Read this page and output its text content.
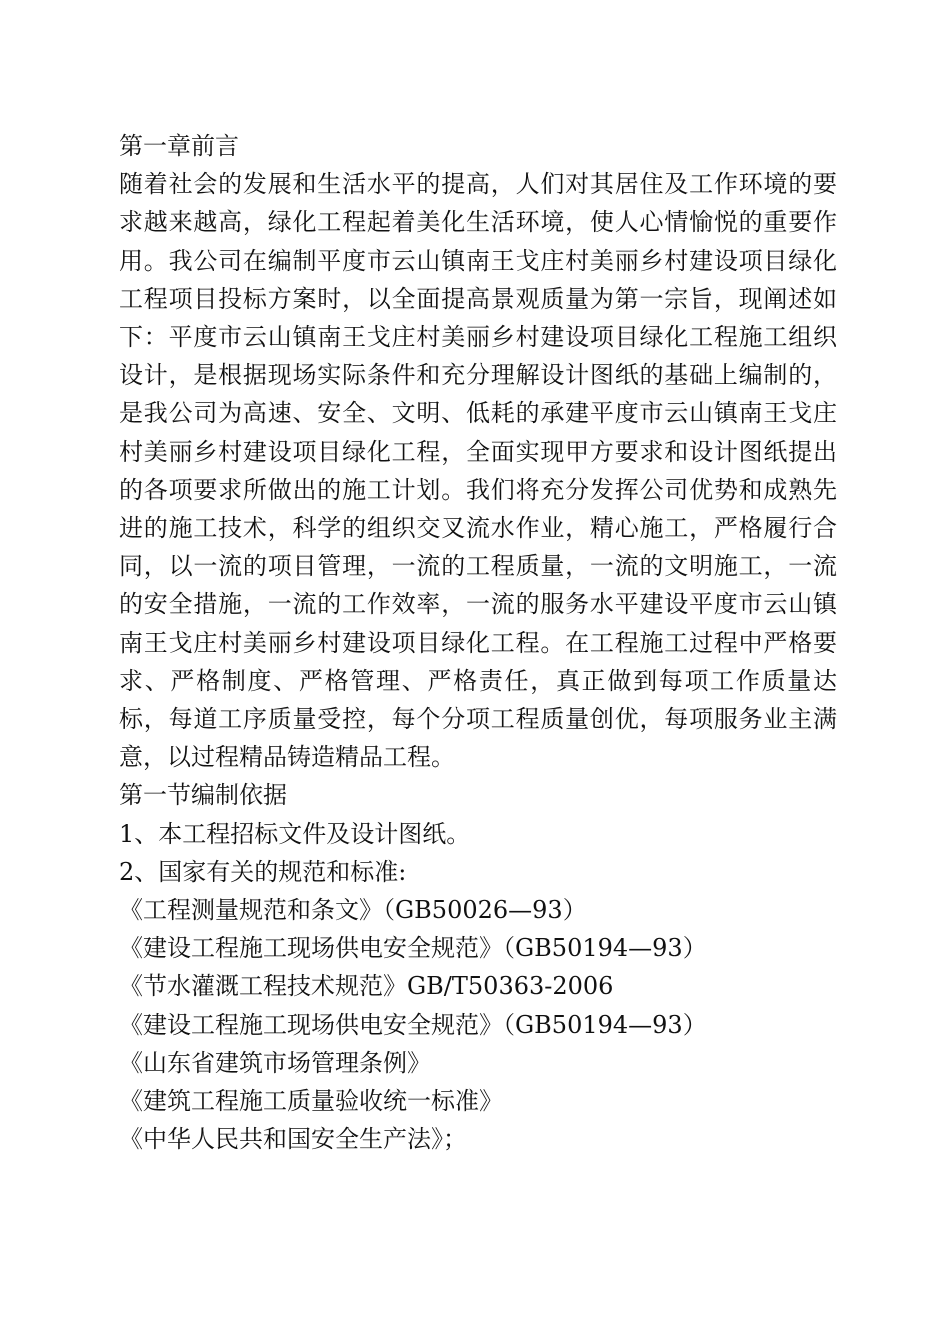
第一章前言
随着社会的发展和生活水平的提高，人们对其居住及工作环境的要求越来越高，绿化工程起着美化生活环境，使人心情愉悦的重要作用。我公司在编制平度市云山镇南王戈庄村美丽乡村建设项目绿化工程项目投标方案时，以全面提高景观质量为第一宗旨，现阐述如下：平度市云山镇南王戈庄村美丽乡村建设项目绿化工程施工组织设计，是根据现场实际条件和充分理解设计图纸的基础上编制的，是我公司为高速、安全、文明、低耗的承建平度市云山镇南王戈庄村美丽乡村建设项目绿化工程，全面实现甲方要求和设计图纸提出的各项要求所做出的施工计划。我们将充分发挥公司优势和成熟先进的施工技术，科学的组织交叉流水作业，精心施工，严格履行合同，以一流的项目管理，一流的工程质量，一流的文明施工，一流的安全措施，一流的工作效率，一流的服务水平建设平度市云山镇南王戈庄村美丽乡村建设项目绿化工程。在工程施工过程中严格要求、严格制度、严格管理、严格责任，真正做到每项工作质量达标，每道工序质量受控，每个分项工程质量创优，每项服务业主满意，以过程精品铸造精品工程。
第一节编制依据
1、本工程招标文件及设计图纸。
2、国家有关的规范和标准:
《工程测量规范和条文》（GB50026—93）
《建设工程施工现场供电安全规范》（GB50194—93）
《节水灌溉工程技术规范》GB/T50363-2006
《建设工程施工现场供电安全规范》（GB50194—93）
《山东省建筑市场管理条例》
《建筑工程施工质量验收统一标准》
《中华人民共和国安全生产法》；
